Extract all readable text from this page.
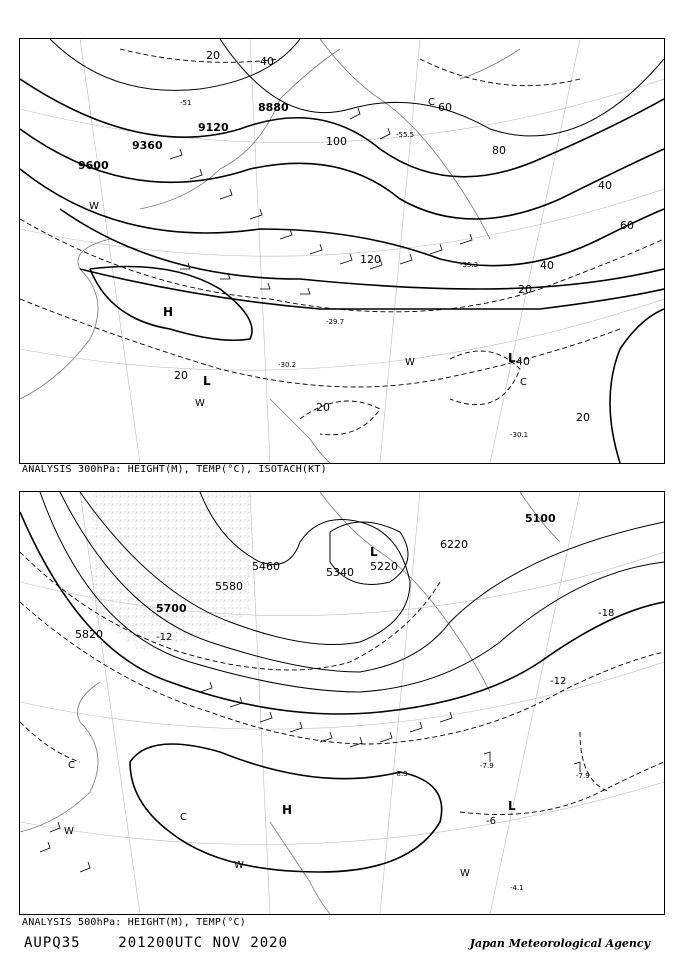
8880
9120
9360
9600
20	40
60
80
100
120
20
20
20
20
40
40
60
40
-29.7
-30.1
-30.2
-35.3
-51
-55.5
H
L
L
W
W
W
C
C
ANALYSIS 300hPa: HEIGHT(M), TEMP(°C), ISOTACH(KT)
5100
6220
5220
5340
5460
5580
5700
5820	-12
-18
-12
-7.9
-7.9
-8.3
-4.1
-6
H
L
L
W
W
W
C
C
ANALYSIS 500hPa: HEIGHT(M), TEMP(°C)
AUPQ35	201200UTC NOV 2020	Japan Meteorological Agency
